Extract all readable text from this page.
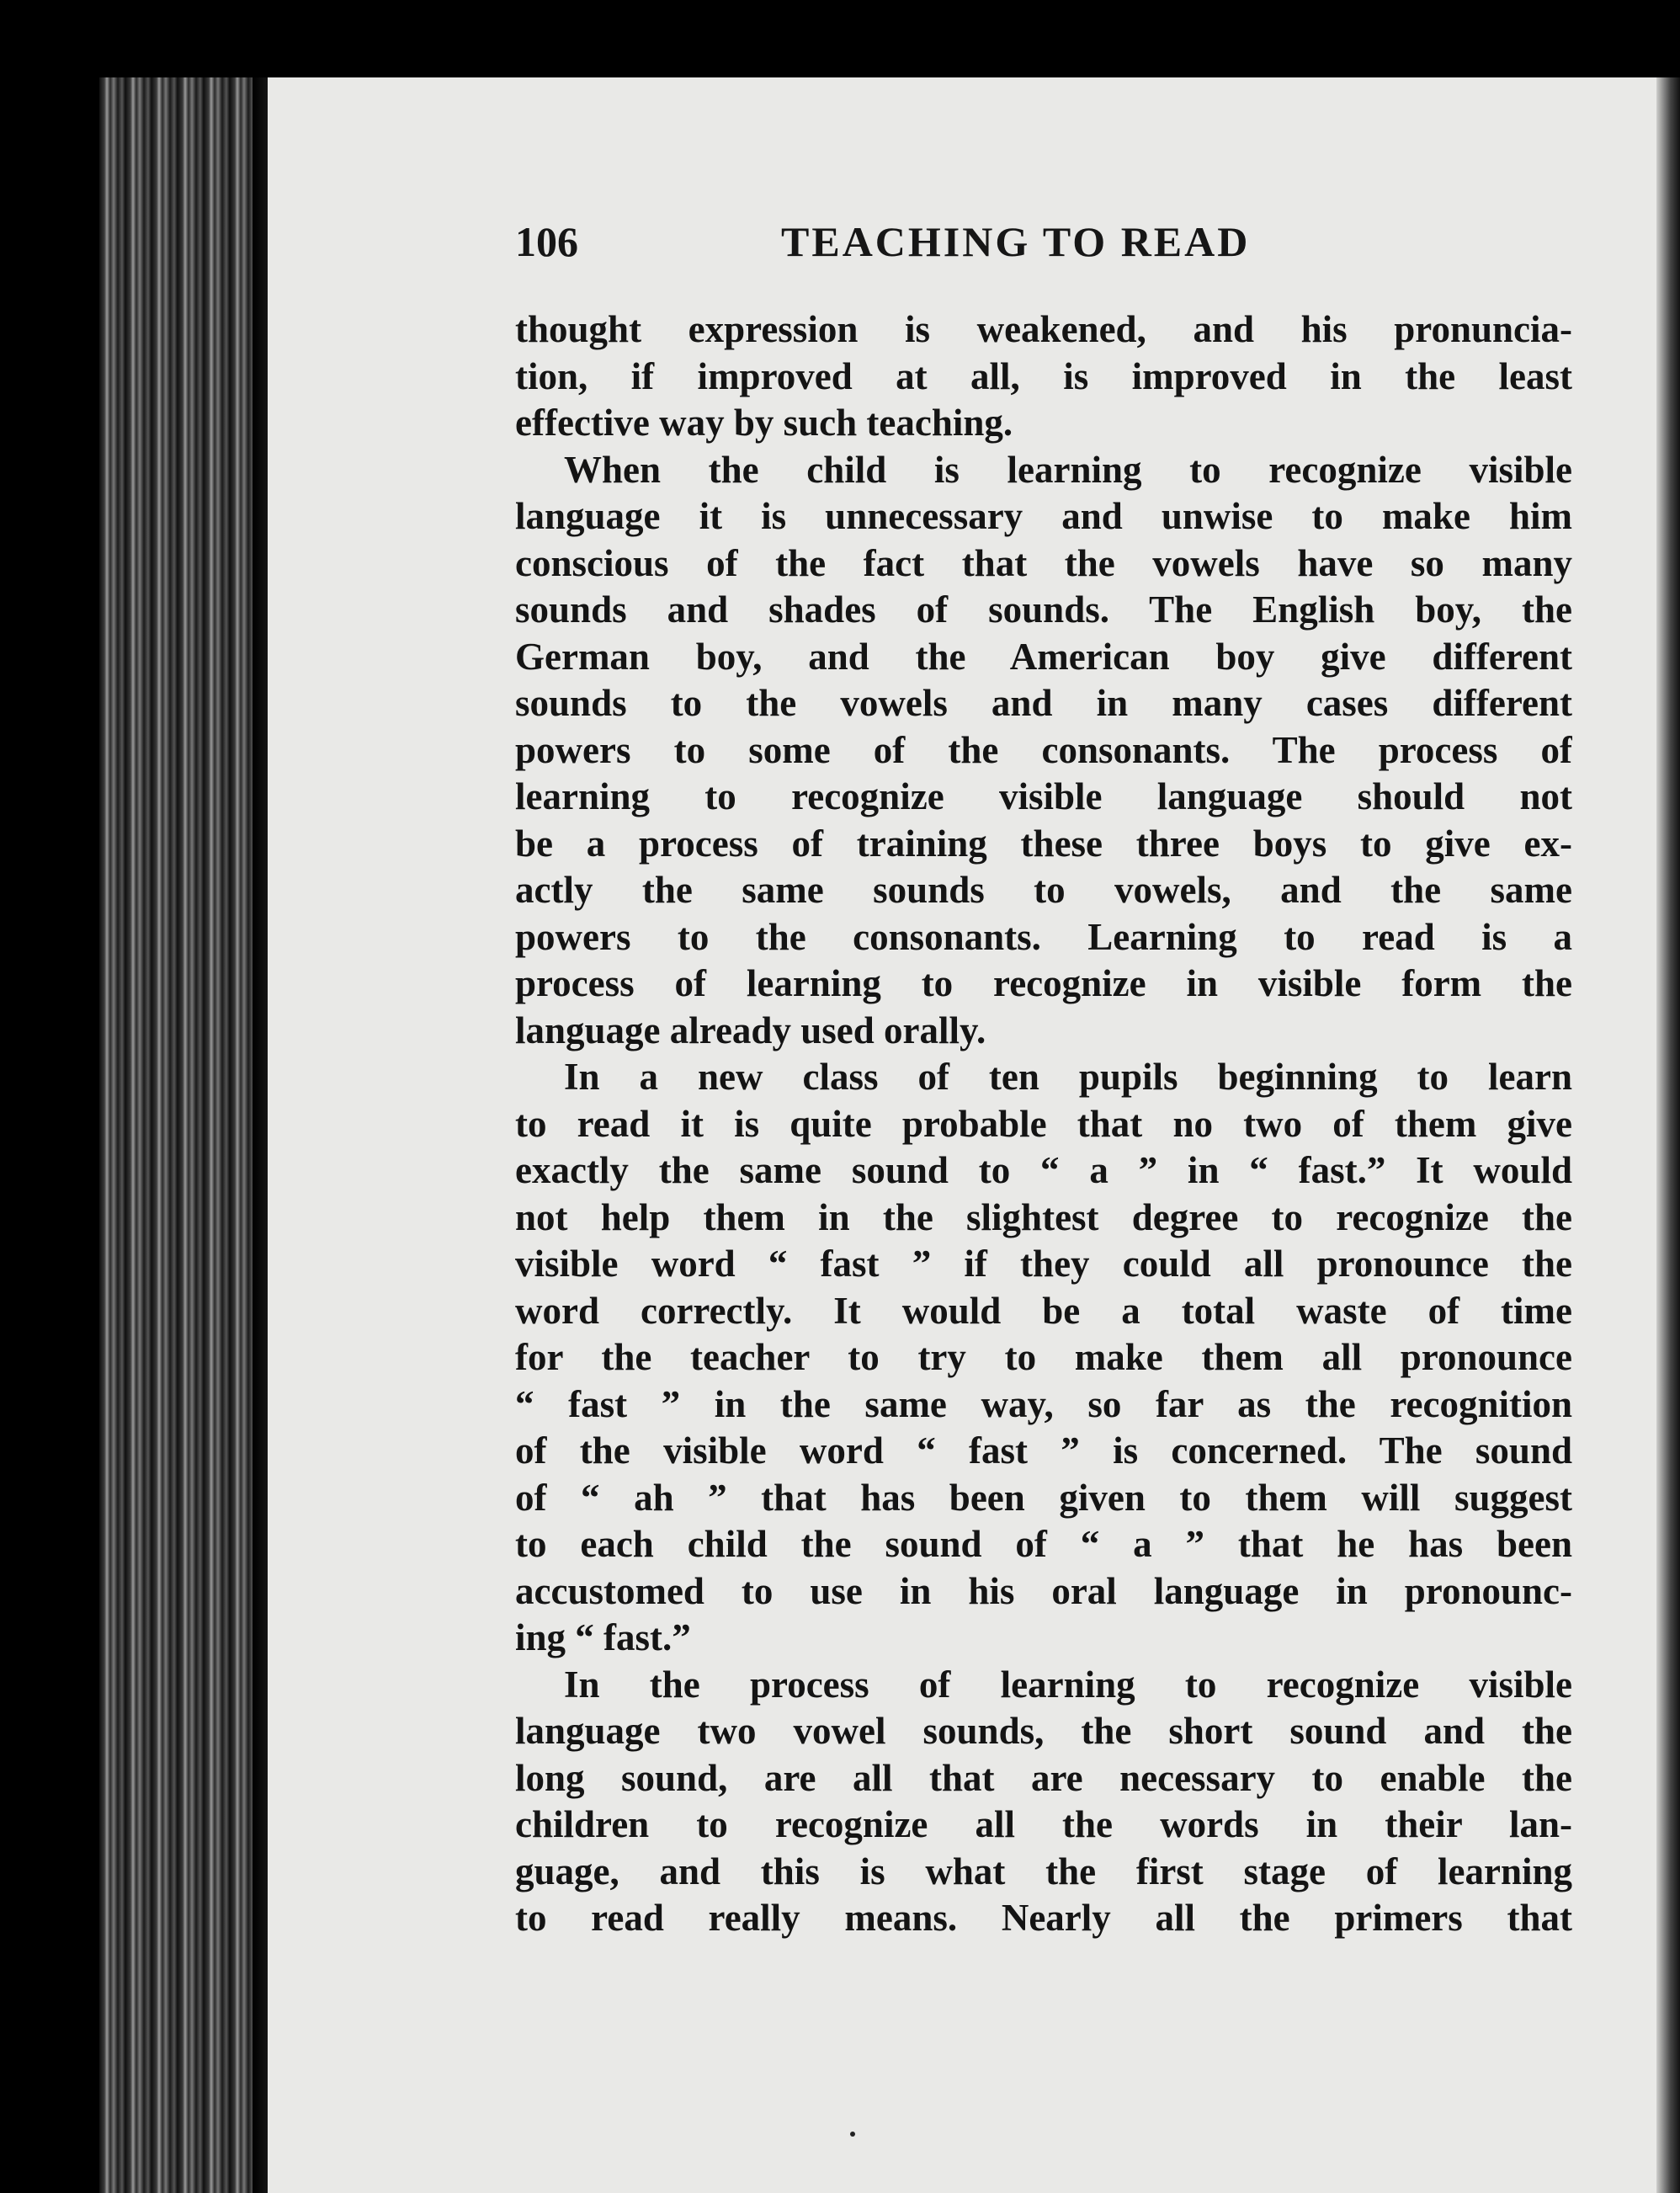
106	TEACHING TO READ
thought expression is weakened, and his pronuncia-
tion, if improved at all, is improved in the least
effective way by such teaching.
When the child is learning to recognize visible
language it is unnecessary and unwise to make him
conscious of the fact that the vowels have so many
sounds and shades of sounds. The English boy, the
German boy, and the American boy give different
sounds to the vowels and in many cases different
powers to some of the consonants. The process of
learning to recognize visible language should not
be a process of training these three boys to give ex-
actly the same sounds to vowels, and the same
powers to the consonants. Learning to read is a
process of learning to recognize in visible form the
language already used orally.
In a new class of ten pupils beginning to learn
to read it is quite probable that no two of them give
exactly the same sound to “ a ” in “ fast.” It would
not help them in the slightest degree to recognize the
visible word “ fast ” if they could all pronounce the
word correctly. It would be a total waste of time
for the teacher to try to make them all pronounce
“ fast ” in the same way, so far as the recognition
of the visible word “ fast ” is concerned. The sound
of “ ah ” that has been given to them will suggest
to each child the sound of “ a ” that he has been
accustomed to use in his oral language in pronounc-
ing “ fast.”
In the process of learning to recognize visible
language two vowel sounds, the short sound and the
long sound, are all that are necessary to enable the
children to recognize all the words in their lan-
guage, and this is what the first stage of learning
to read really means. Nearly all the primers that
